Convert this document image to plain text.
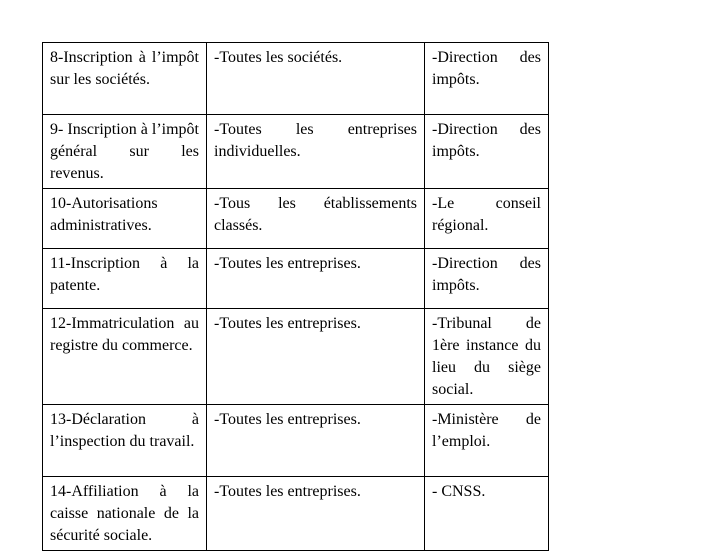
8-Inscription à l’impôt sur les sociétés.	-Toutes les sociétés.	-Direction des impôts.
9- Inscription à l’impôt général sur les revenus.	-Toutes les entreprises individuelles.	-Direction des impôts.
10-Autorisations administratives.	-Tous les établissements classés.	-Le conseil régional.
11-Inscription à la patente.	-Toutes les entreprises.	-Direction des impôts.
12-Immatriculation au registre du commerce.	-Toutes les entreprises.	-Tribunal de 1ère instance du lieu du siège social.
13-Déclaration à l’inspection du travail.	-Toutes les entreprises.	-Ministère de l’emploi.
14-Affiliation à la caisse nationale de la sécurité sociale.	-Toutes les entreprises.	- CNSS.
